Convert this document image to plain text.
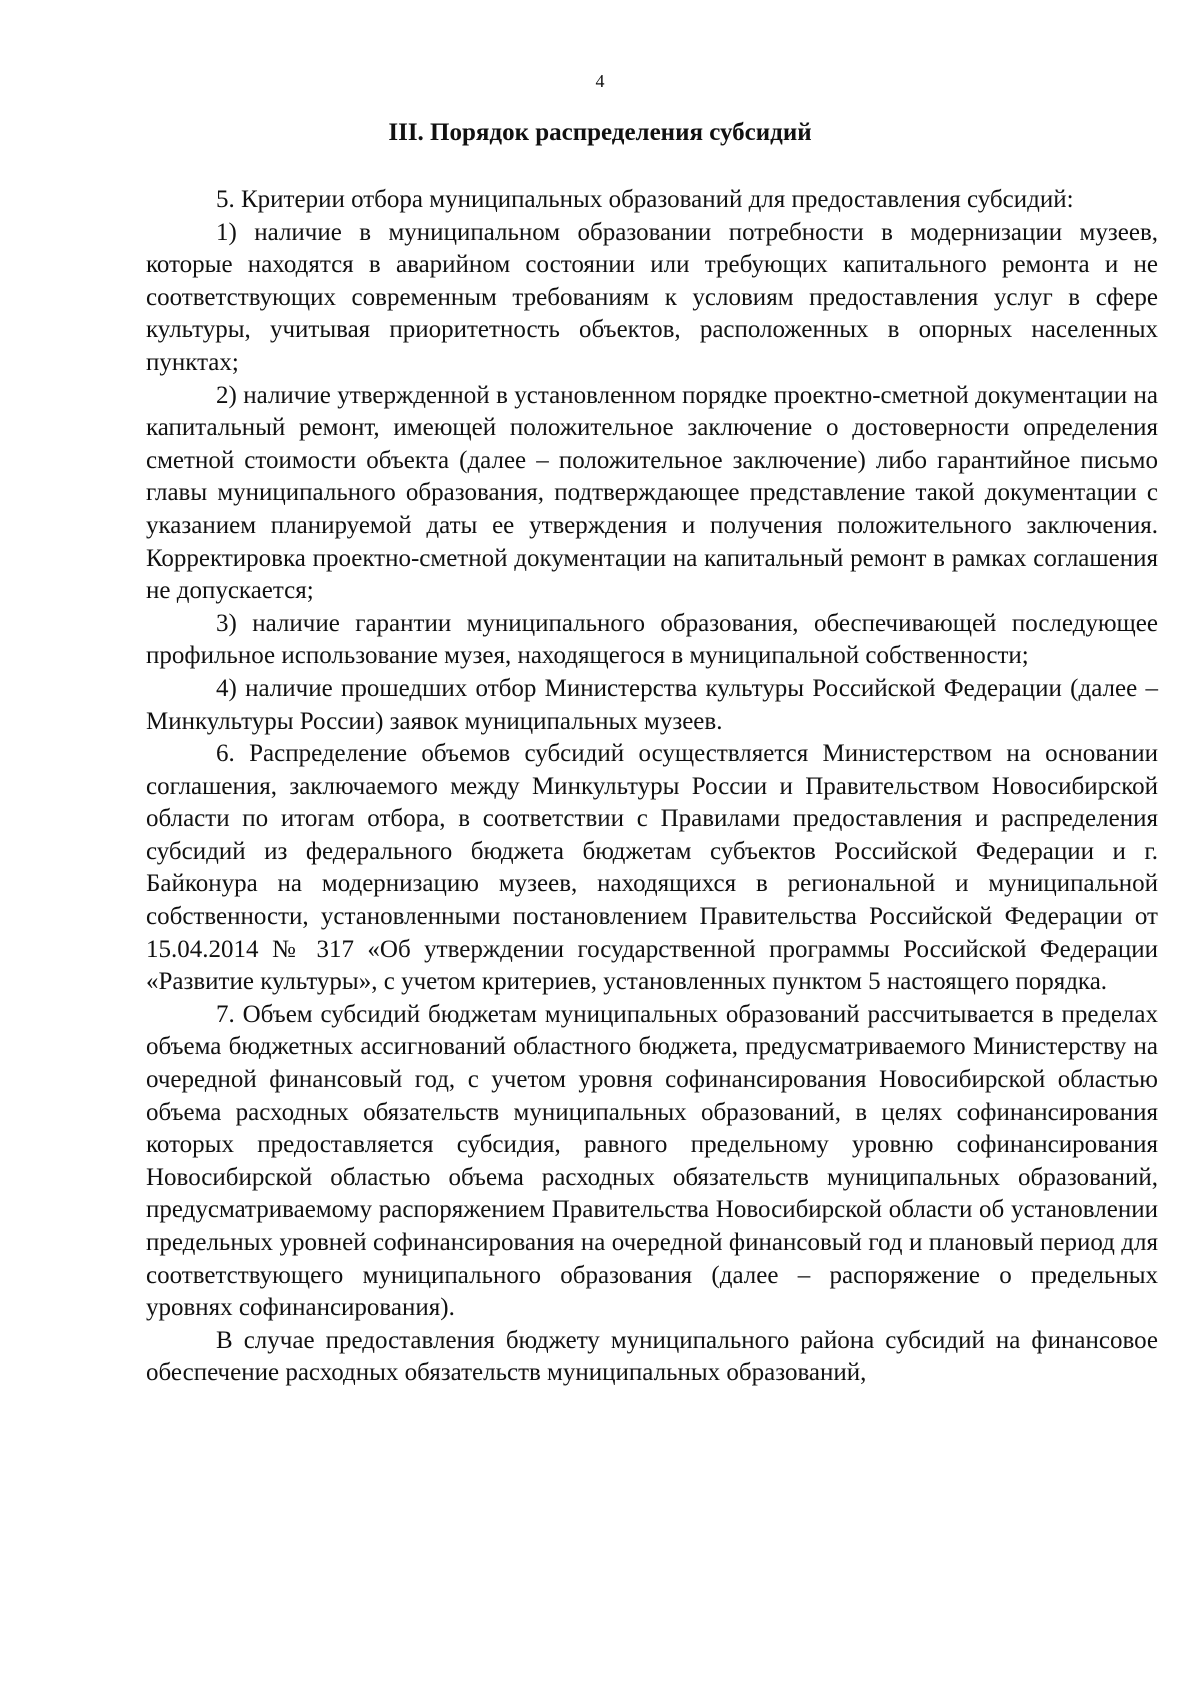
4
III. Порядок распределения субсидий

5. Критерии отбора муниципальных образований для предоставления субсидий:

1) наличие в муниципальном образовании потребности в модернизации музеев, которые находятся в аварийном состоянии или требующих капитального ремонта и не соответствующих современным требованиям к условиям предоставления услуг в сфере культуры, учитывая приоритетность объектов, расположенных в опорных населенных пунктах;

2) наличие утвержденной в установленном порядке проектно-сметной документации на капитальный ремонт, имеющей положительное заключение о достоверности определения сметной стоимости объекта (далее – положительное заключение) либо гарантийное письмо главы муниципального образования, подтверждающее представление такой документации с указанием планируемой даты ее утверждения и получения положительного заключения. Корректировка проектно-сметной документации на капитальный ремонт в рамках соглашения не допускается;

3) наличие гарантии муниципального образования, обеспечивающей последующее профильное использование музея, находящегося в муниципальной собственности;

4) наличие прошедших отбор Министерства культуры Российской Федерации (далее – Минкультуры России) заявок муниципальных музеев.

6. Распределение объемов субсидий осуществляется Министерством на основании соглашения, заключаемого между Минкультуры России и Правительством Новосибирской области по итогам отбора, в соответствии с Правилами предоставления и распределения субсидий из федерального бюджета бюджетам субъектов Российской Федерации и г. Байконура на модернизацию музеев, находящихся в региональной и муниципальной собственности, установленными постановлением Правительства Российской Федерации от 15.04.2014 № 317 «Об утверждении государственной программы Российской Федерации «Развитие культуры», с учетом критериев, установленных пунктом 5 настоящего порядка.

7. Объем субсидий бюджетам муниципальных образований рассчитывается в пределах объема бюджетных ассигнований областного бюджета, предусматриваемого Министерству на очередной финансовый год, с учетом уровня софинансирования Новосибирской областью объема расходных обязательств муниципальных образований, в целях софинансирования которых предоставляется субсидия, равного предельному уровню софинансирования Новосибирской областью объема расходных обязательств муниципальных образований, предусматриваемому распоряжением Правительства Новосибирской области об установлении предельных уровней софинансирования на очередной финансовый год и плановый период для соответствующего муниципального образования (далее – распоряжение о предельных уровнях софинансирования).

В случае предоставления бюджету муниципального района субсидий на финансовое обеспечение расходных обязательств муниципальных образований,
